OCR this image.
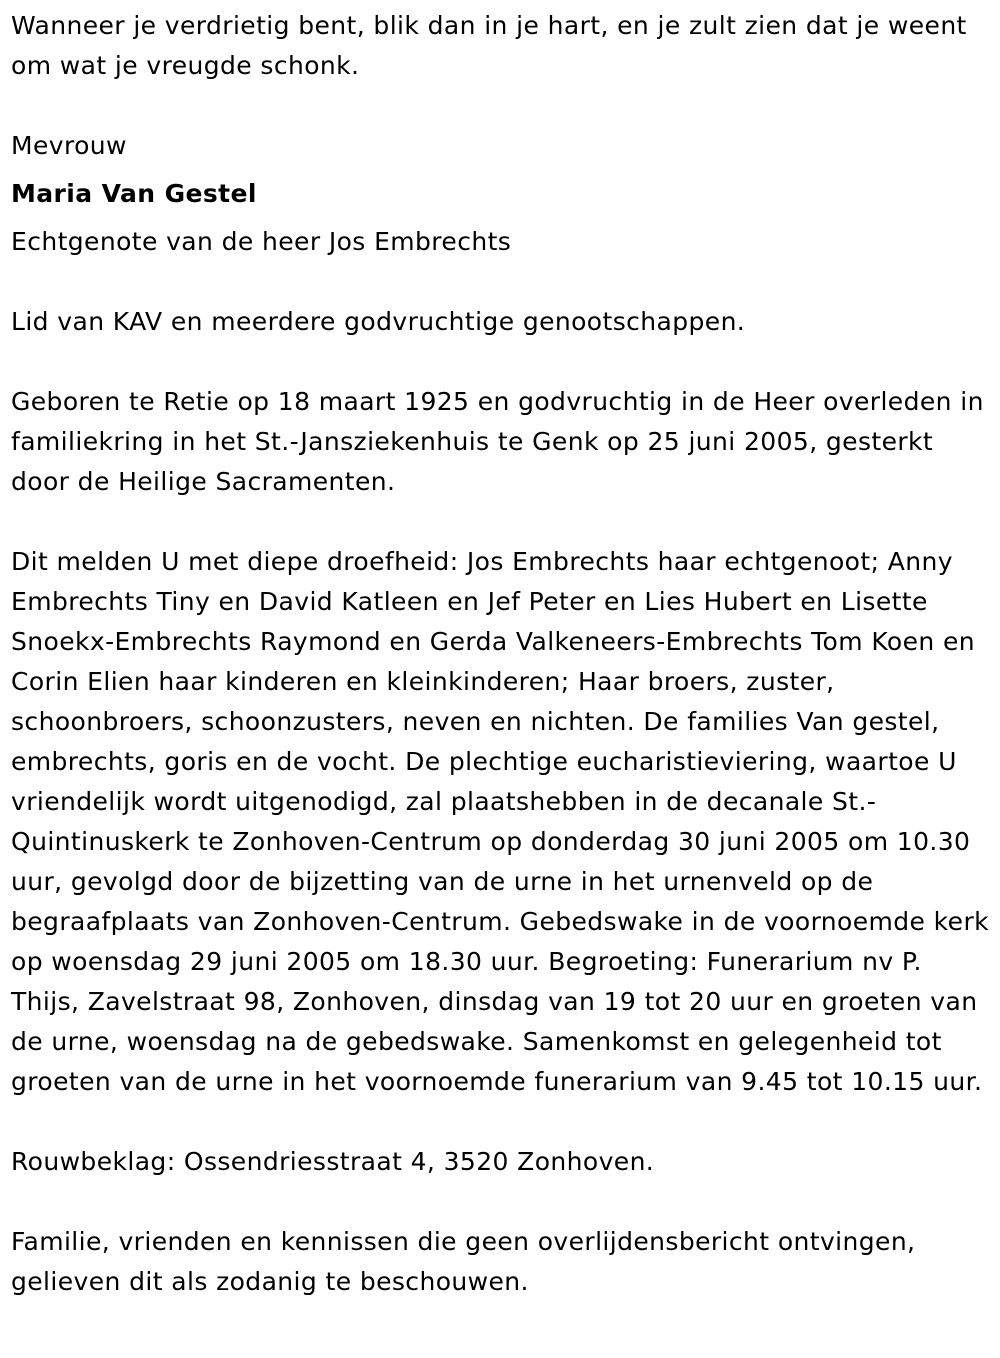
Wanneer je verdrietig bent, blik dan in je hart, en je zult zien dat je weent om wat je vreugde schonk.

Mevrouw

Maria Van Gestel

Echtgenote van de heer Jos Embrechts

Lid van KAV en meerdere godvruchtige genootschappen.

Geboren te Retie op 18 maart 1925 en godvruchtig in de Heer overleden in familiekring in het St.-Jansziekenhuis te Genk op 25 juni 2005, gesterkt door de Heilige Sacramenten.

Dit melden U met diepe droefheid: Jos Embrechts haar echtgenoot; Anny Embrechts Tiny en David Katleen en Jef Peter en Lies Hubert en Lisette Snoekx-Embrechts Raymond en Gerda Valkeneers-Embrechts Tom Koen en Corin Elien haar kinderen en kleinkinderen; Haar broers, zuster, schoonbroers, schoonzusters, neven en nichten. De families Van gestel, embrechts, goris en de vocht. De plechtige eucharistieviering, waartoe U vriendelijk wordt uitgenodigd, zal plaatshebben in de decanale St.-Quintinuskerk te Zonhoven-Centrum op donderdag 30 juni 2005 om 10.30 uur, gevolgd door de bijzetting van de urne in het urnenveld op de begraafplaats van Zonhoven-Centrum. Gebedswake in de voornoemde kerk op woensdag 29 juni 2005 om 18.30 uur. Begroeting: Funerarium nv P. Thijs, Zavelstraat 98, Zonhoven, dinsdag van 19 tot 20 uur en groeten van de urne, woensdag na de gebedswake. Samenkomst en gelegenheid tot groeten van de urne in het voornoemde funerarium van 9.45 tot 10.15 uur.

Rouwbeklag: Ossendriesstraat 4, 3520 Zonhoven.

Familie, vrienden en kennissen die geen overlijdensbericht ontvingen, gelieven dit als zodanig te beschouwen.
